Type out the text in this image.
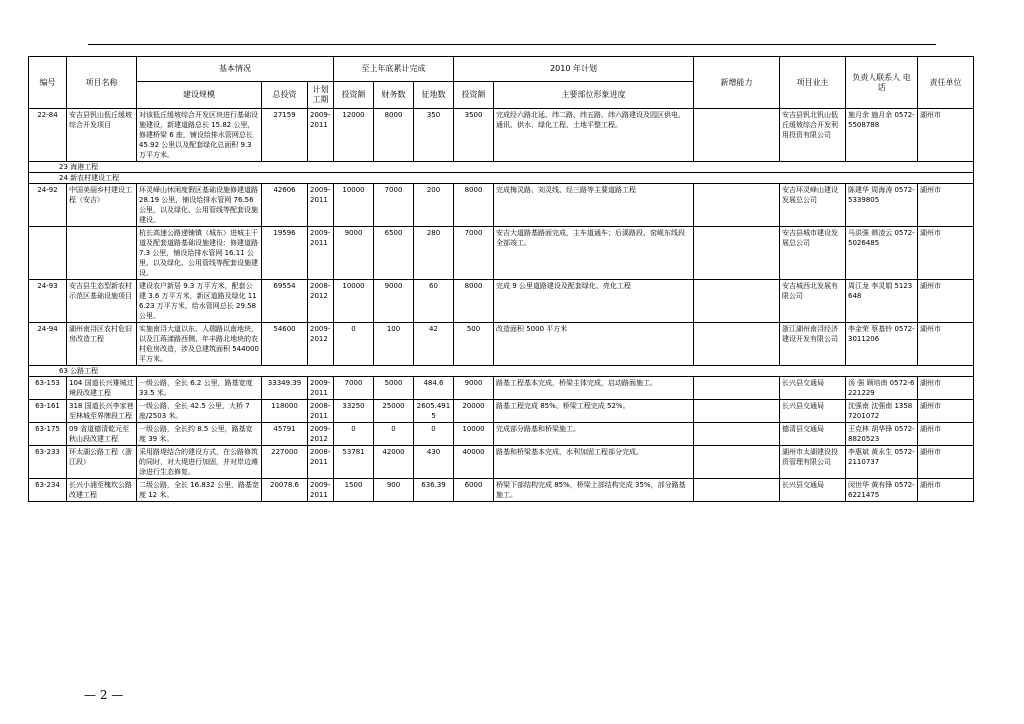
编号	项目名称	基本情况			至上年底累计完成			2010 年计划		新增能力	项目业主	负责人联系人 电 话	责任单位
		建设规模	总投资	计划工期	投资额	财务数	征地数	投资额	主要部位形象进度				
22-84	安吉县钒山低丘缓坡综合开发项目	对该低丘缓坡综合开发区块进行基础设施建设，新建道路总长 15.82 公里，修建桥梁 6 座，铺设给排水管网总长 45.92 公里以及配套绿化总面积 9.3 万平方米。	27159	2009-2011	12000	8000	350	3500	完成经六路北延、纬二路、纬五路、纬六路建设及园区供电、通讯、供水、绿化工程、土地平整工程。		安吉县钒北钒山低丘缓坡综合开发利用投资有限公司	施月余 施月余 0572-5508788	湖州市
23 海港工程													
24 新农村建设工程													
24-92	中国美丽乡村建设工程（安吉）	环灵峰山休闲度假区基础设施修建道路 28.19 公里，铺设给排水管网 76.56 公里，以及绿化、公用管线等配套设施建设。	42606	2009-2011	10000	7000	200	8000	完成梅灵路、刘灵线、经三路等主要道路工程		安吉环灵峰山建设发展总公司	陈建华 周海涛 0572-5339805	湖州市
		杭长高速公路递铺镇（城东）进城主干道及配套道路基础设施建设：修建道路 7.3 公里，铺设给排水管网 16.11 公里、以及绿化、公用管线等配套设施建设。	19596	2009-2011	9000	6500	280	7000	安吉大道路基路面完成，主车道通车；后溪路段、窑岘东线段全部竣工。		安吉县城市建设发展总公司	马洪强 韩凌云 0572-5026485	湖州市
24-93	安吉县生态型新农村示范区基础设施项目	建设农户新居 9.3 万平方米，配套公建 3.6 万平方米，新区道路及绿化 116.23 万平方米，给水管网总长 29.58 公里。	69554	2008-2012	10000	9000	60	8000	完成 9 公里道路建设及配套绿化、亮化工程		安吉城西北发展有限公司	周江龙 李灵娟 5123648	湖州市
24-94	湖州南浔区农村危旧房改造工程	实施南浔大道以东、人瑞路以南地块，以及江蒋漾路西侧、年丰路北地块的农村危房改造，涉及总建筑面积 544000 平方米。	54600	2009-2012	0	100	42	500	改造面积 5000 平方米		浙江湖州南浔经济建设开发有限公司	李金荣 蔡基铃 0572-3011206	湖州市
63 公路工程													
63-153	104 国道长兴雉城过境段改建工程	一级公路，全长 6.2 公里，路基宽度 33.5 米。	33349.39	2009-2011	7000	5000	484.6	9000	路基工程基本完成，桥梁主体完成，启动路面施工。		长兴县交通局	汤 强 顾培南 0572-6221229	湖州市
63-161	318 国道长兴李家巷至林城至界牌段工程	一级公路，全长 42.5 公里，大桥 7 座/2503 米。	118000	2008-2011	33250	25000	2605.4915	20000	路基工程完成 85%、桥梁工程完成 52%。		长兴县交通局	沈强南 沈强南 13587201072	湖州市
63-175	09 省道德清乾元至秋山段改建工程	一级公路，全长约 8.5 公里，路基宽度 39 米。	45791	2009-2012	0	0	0	10000	完成部分路基和桥梁施工。		德清县交通局	王克林 胡华锋 0572-8820523	湖州市
63-233	环太湖公路工程（浙江段）	采用路堤结合的建设方式，在公路修筑的同时，对大堤进行加固，并对岸边滩涂进行生态修复。	227000	2008-2011	53781	42000	430	40000	路基和桥梁基本完成，水利加固工程部分完成。		湖州市太湖建设投资管理有限公司	李惠斌 黄永生 0572-2110737	湖州市
63-234	长兴小浦至槐坎公路改建工程	二级公路，全长 16.832 公里，路基宽度 12 米。	20078.6	2009-2011	1500	900	636.39	6000	桥梁下部结构完成 85%，桥梁上部结构完成 35%，部分路基施工。		长兴县交通局	闵世华 黄有锋 0572-6221475	湖州市
— 2 —
